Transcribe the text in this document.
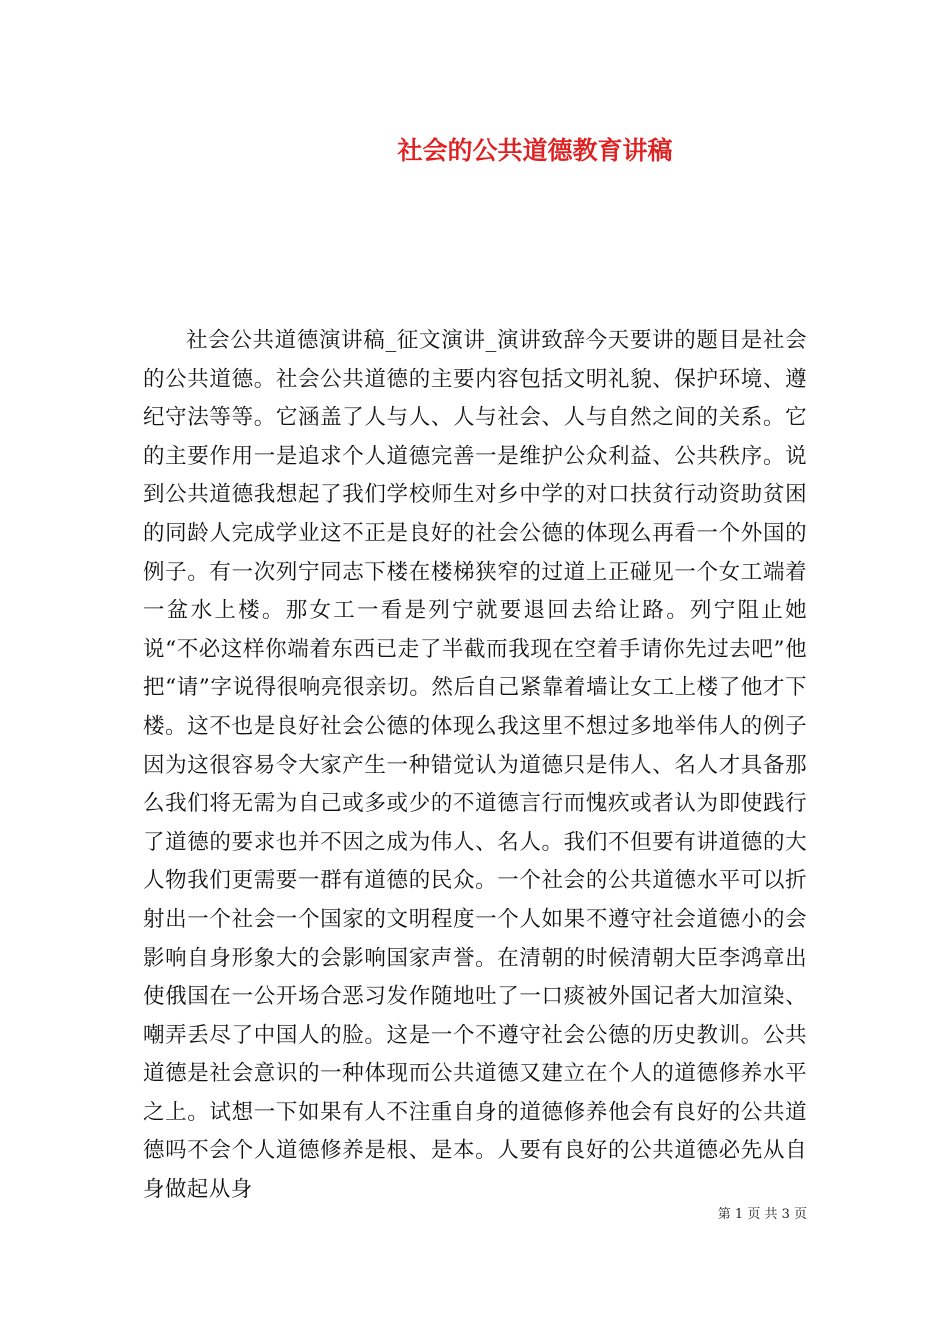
社会的公共道德教育讲稿

社会公共道德演讲稿_征文演讲_演讲致辞今天要讲的题目是社会的公共道德。社会公共道德的主要内容包括文明礼貌、保护环境、遵纪守法等等。它涵盖了人与人、人与社会、人与自然之间的关系。它的主要作用一是追求个人道德完善一是维护公众利益、公共秩序。说到公共道德我想起了我们学校师生对乡中学的对口扶贫行动资助贫困的同龄人完成学业这不正是良好的社会公德的体现么再看一个外国的例子。有一次列宁同志下楼在楼梯狭窄的过道上正碰见一个女工端着一盆水上楼。那女工一看是列宁就要退回去给让路。列宁阻止她说“不必这样你端着东西已走了半截而我现在空着手请你先过去吧”他把“请”字说得很响亮很亲切。然后自己紧靠着墙让女工上楼了他才下楼。这不也是良好社会公德的体现么我这里不想过多地举伟人的例子因为这很容易令大家产生一种错觉认为道德只是伟人、名人才具备那么我们将无需为自己或多或少的不道德言行而愧疚或者认为即使践行了道德的要求也并不因之成为伟人、名人。我们不但要有讲道德的大人物我们更需要一群有道德的民众。一个社会的公共道德水平可以折射出一个社会一个国家的文明程度一个人如果不遵守社会道德小的会影响自身形象大的会影响国家声誉。在清朝的时候清朝大臣李鸿章出使俄国在一公开场合恶习发作随地吐了一口痰被外国记者大加渲染、嘲弄丢尽了中国人的脸。这是一个不遵守社会公德的历史教训。公共道德是社会意识的一种体现而公共道德又建立在个人的道德修养水平之上。试想一下如果有人不注重自身的道德修养他会有良好的公共道德吗不会个人道德修养是根、是本。人要有良好的公共道德必先从自身做起从身

第 1 页 共 3 页
